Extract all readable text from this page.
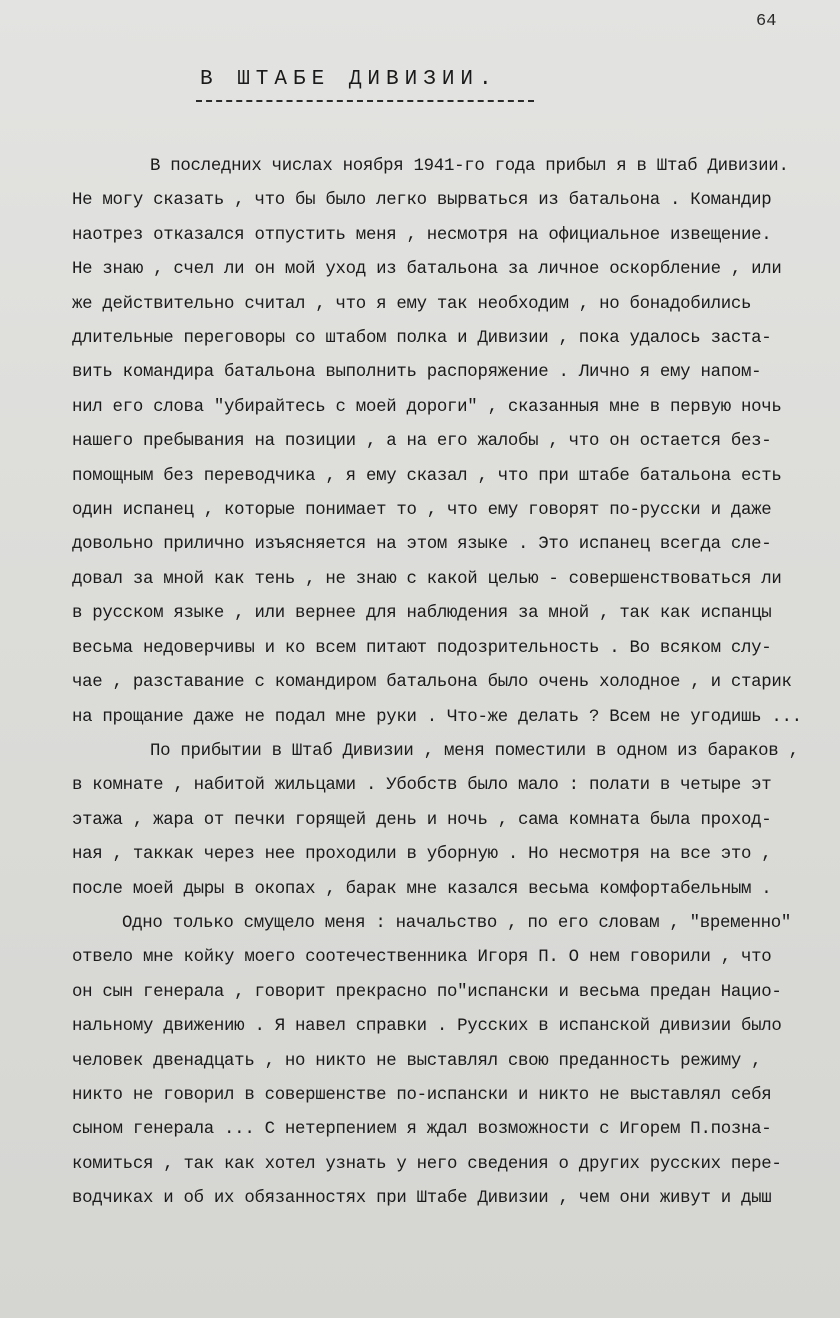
64
В ШТАБЕ ДИВИЗИИ.
В последних числах ноября 1941-го года прибыл я в Штаб Дивизии.
Не могу сказать , что бы было легко вырваться из батальона . Командир
наотрез отказался отпустить меня , несмотря на официальное извещение.
Не знаю , счел ли он мой уход из батальона за личное оскорбление , или
же действительно считал , что я ему так необходим , но бонадобились
длительные переговоры со штабом полка и Дивизии , пока удалось заста-
вить командира батальона выполнить распоряжение . Лично я ему напом-
нил его слова "убирайтесь с моей дороги" , сказанныя мне в первую ночь
нашего пребывания на позиции , а на его жалобы , что он остается без-
помощным без переводчика , я ему сказал , что при штабе батальона есть
один испанец , которые понимает то , что ему говорят по-русски и даже
довольно прилично изъясняется на этом языке . Это испанец всегда сле-
довал за мной как тень , не знаю с какой целью - совершенствоваться ли
в русском языке , или вернее для наблюдения за мной , так как испанцы
весьма недоверчивы и ко всем питают подозрительность . Во всяком слу-
чае , разставание с командиром батальона было очень холодное , и старик
на прощание даже не подал мне руки . Что-же делать ? Всем не угодишь ...
По прибытии в Штаб Дивизии , меня поместили в одном из бараков ,
в комнате , набитой жильцами . Убобств было мало : полати в четыре эт
этажа , жара от печки горящей день и ночь , сама комната была проход-
ная , таккак через нее проходили в уборную . Но несмотря на все это ,
после моей дыры в окопах , барак мне казался весьма комфортабельным .
Одно только смущело меня : начальство , по его словам , "временно"
отвело мне койку моего соотечественника Игоря П. О нем говорили , что
он сын генерала , говорит прекрасно по"испански и весьма предан Нацио-
нальному движению . Я навел справки . Русских в испанской дивизии было
человек двенадцать , но никто не выставлял свою преданность режиму ,
никто не говорил в совершенстве по-испански и никто не выставлял себя
сыном генерала ... С нетерпением я ждал возможности с Игорем П.позна-
комиться , так как хотел узнать у него сведения о других русских пере-
водчиках и об их обязанностях при Штабе Дивизии , чем они живут и дыш
